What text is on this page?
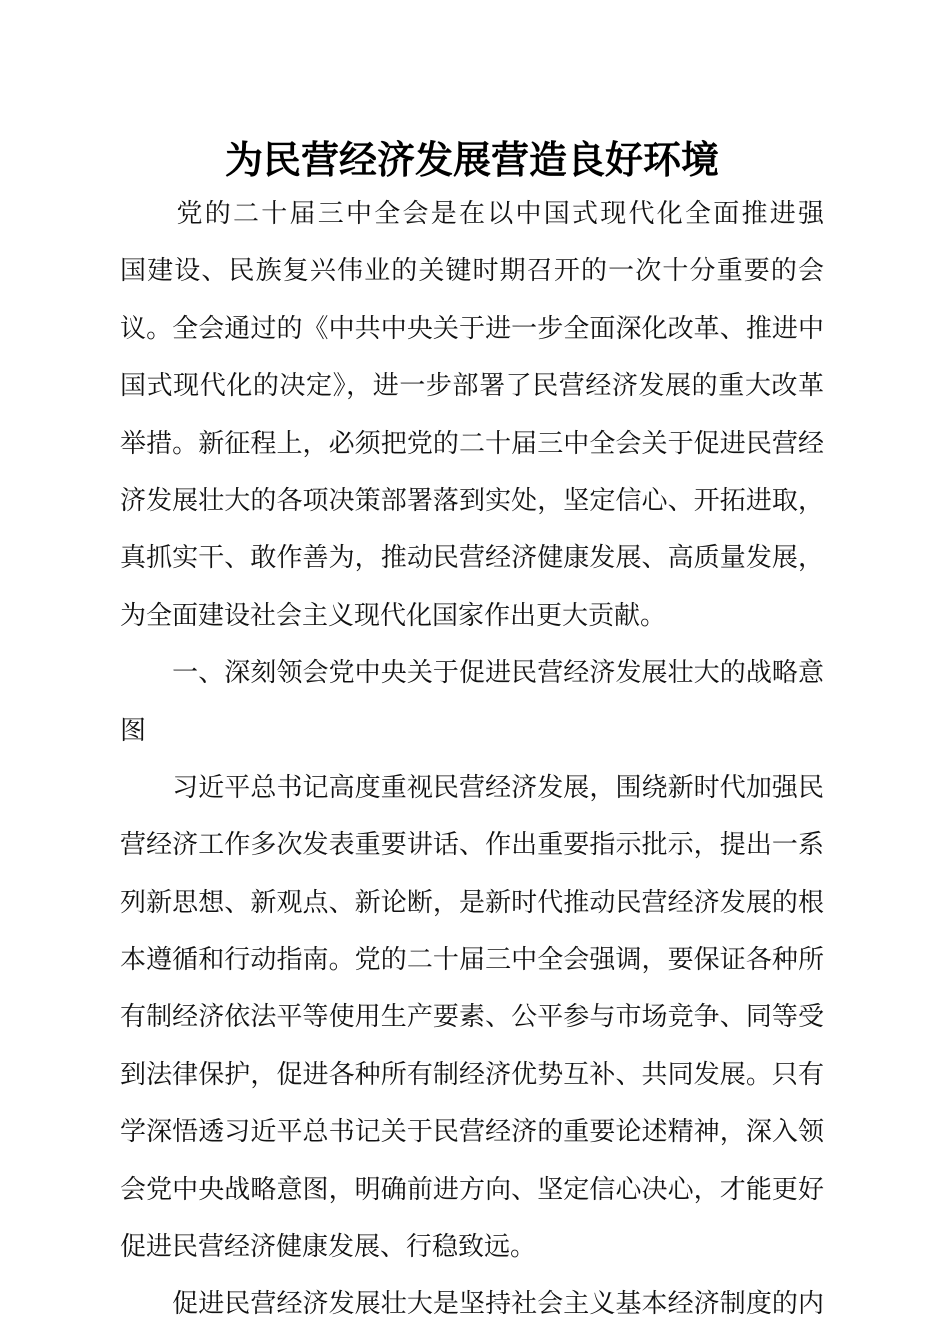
为民营经济发展营造良好环境
　　党的二十届三中全会是在以中国式现代化全面推进强
国建设、民族复兴伟业的关键时期召开的一次十分重要的会
议。全会通过的《中共中央关于进一步全面深化改革、推进中
国式现代化的决定》，进一步部署了民营经济发展的重大改革
举措。新征程上，必须把党的二十届三中全会关于促进民营经
济发展壮大的各项决策部署落到实处，坚定信心、开拓进取，
真抓实干、敢作善为，推动民营经济健康发展、高质量发展，
为全面建设社会主义现代化国家作出更大贡献。
　　一、深刻领会党中央关于促进民营经济发展壮大的战略意
图
　　习近平总书记高度重视民营经济发展，围绕新时代加强民
营经济工作多次发表重要讲话、作出重要指示批示，提出一系
列新思想、新观点、新论断，是新时代推动民营经济发展的根
本遵循和行动指南。党的二十届三中全会强调，要保证各种所
有制经济依法平等使用生产要素、公平参与市场竞争、同等受
到法律保护，促进各种所有制经济优势互补、共同发展。只有
学深悟透习近平总书记关于民营经济的重要论述精神，深入领
会党中央战略意图，明确前进方向、坚定信心决心，才能更好
促进民营经济健康发展、行稳致远。
　　促进民营经济发展壮大是坚持社会主义基本经济制度的内
